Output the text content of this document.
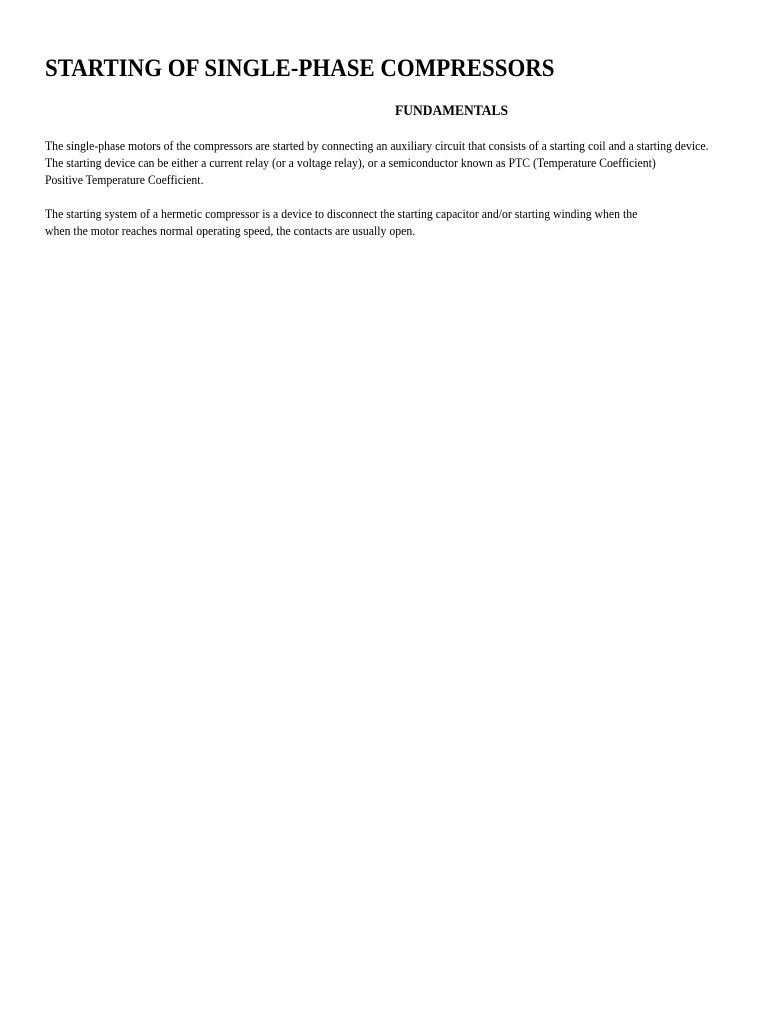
STARTING OF SINGLE-PHASE COMPRESSORS
FUNDAMENTALS

The single-phase motors of the compressors are started by connecting an auxiliary circuit that consists of a starting coil and a starting device.
The starting device can be either a current relay (or a voltage relay), or a semiconductor known as PTC (Temperature Coefficient)
Positive Temperature Coefficient.

The starting system of a hermetic compressor is a device to disconnect the starting capacitor and/or starting winding when the
when the motor reaches normal operating speed, the contacts are usually open.
